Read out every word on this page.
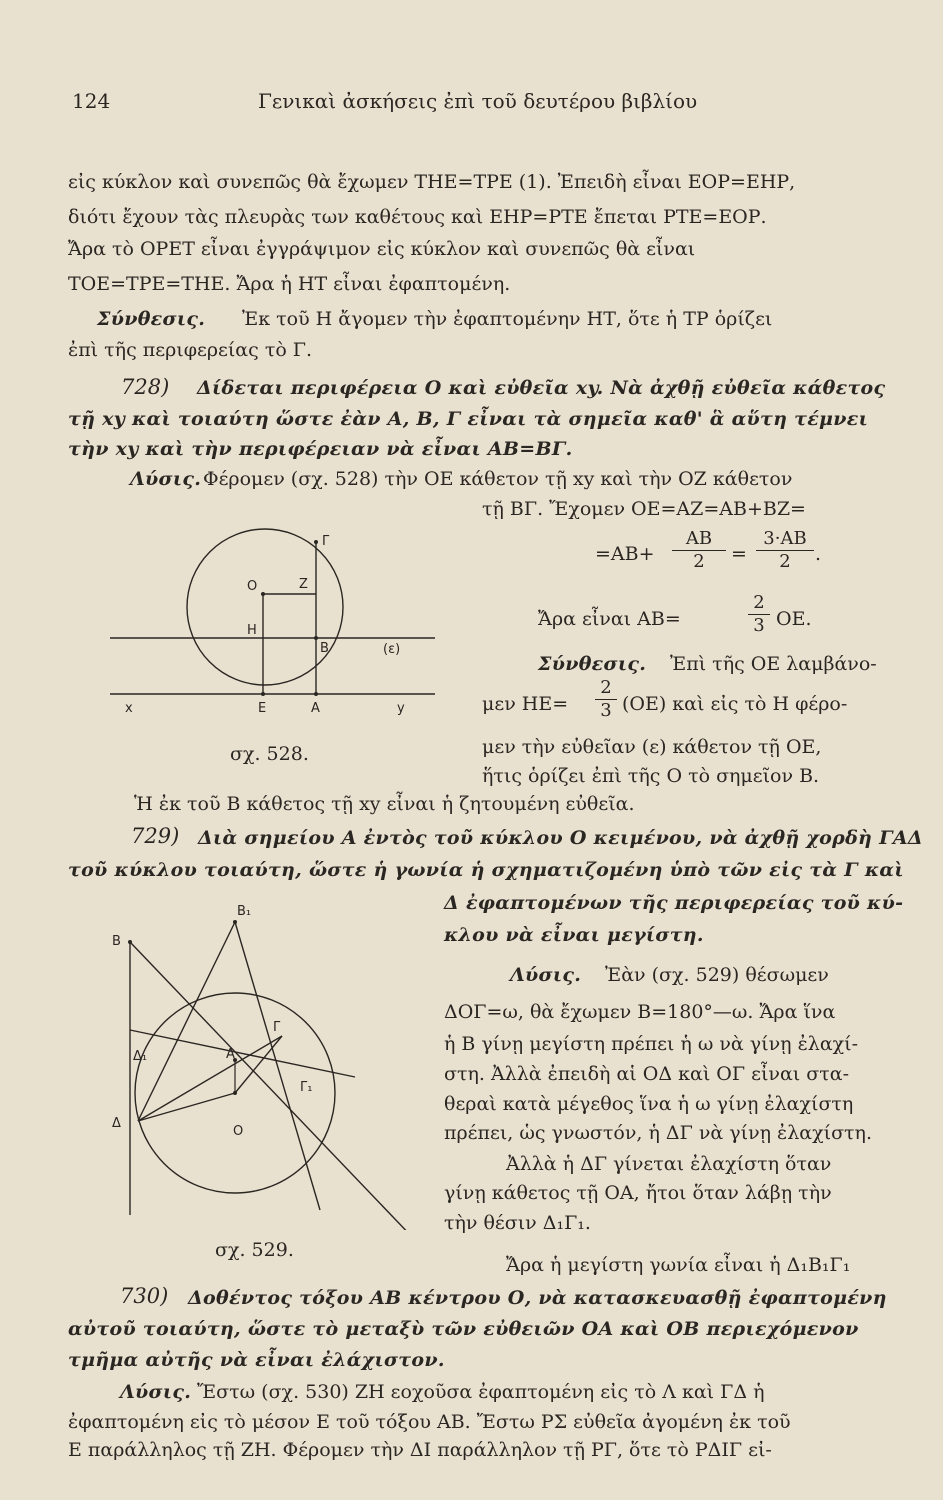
124	Γενικαὶ ἀσκήσεις ἐπὶ τοῦ δευτέρου βιβλίου
εἰς κύκλον καὶ συνεπῶς θὰ ἔχωμεν ΤΗΕ=ΤΡΕ (1). Ἐπειδὴ εἶναι ΕΟΡ=ΕΗΡ,
διότι ἔχουν τὰς πλευρὰς των καθέτους καὶ ΕΗΡ=ΡΤΕ ἔπεται ΡΤΕ=ΕΟΡ.
Ἄρα τὸ ΟΡΕΤ εἶναι ἐγγράψιμον εἰς κύκλον καὶ συνεπῶς θὰ εἶναι
ΤΟΕ=ΤΡΕ=ΤΗΕ. Ἄρα ἡ ΗΤ εἶναι ἐφαπτομένη.
Σύνθεσις. Ἐκ τοῦ Η ἄγομεν τὴν ἐφαπτομένην ΗΤ, ὅτε ἡ ΤΡ ὁρίζει
ἐπὶ τῆς περιφερείας τὸ Γ.
728) Δίδεται περιφέρεια Ο καὶ εὐθεῖα xy. Νὰ ἀχθῇ εὐθεῖα κάθετος
τῇ xy καὶ τοιαύτη ὥστε ἐὰν Α, Β, Γ εἶναι τὰ σημεῖα καθ' ἃ αὕτη τέμνει
τὴν xy καὶ τὴν περιφέρειαν νὰ εἶναι ΑΒ=ΒΓ.
Λύσις. Φέρομεν (σχ. 528) τὴν ΟΕ κάθετον τῇ xy καὶ τὴν ΟΖ κάθετον
τῇ ΒΓ. Ἔχομεν ΟΕ=ΑΖ=ΑΒ+ΒΖ=
$=AB+ \frac{AB}{2} = \frac{3\cdot AB}{2}$ .
Ἄρα εἶναι ΑΒ=	$\frac{2}{3} OE$.
Σύνθεσις. Ἐπὶ τῆς ΟΕ λαμβάνο-
μεν $HE= \frac{2}{3} (OE)$ καὶ εἰς τὸ Η φέρο-
μεν τὴν εὐθεῖαν (ε) κάθετον τῇ ΟΕ,
ἥτις ὁρίζει ἐπὶ τῆς Ο τὸ σημεῖον Β.
Ἡ ἐκ τοῦ Β κάθετος τῇ xy εἶναι ἡ ζητουμένη εὐθεῖα.
Γ
Ο	Ζ
Η
Β	(ε)
x	Ε	Α	y
σχ. 528.
729) Διὰ σημείου Α ἐντὸς τοῦ κύκλου Ο κειμένου, νὰ ἀχθῇ χορδὴ ΓΑΔ
τοῦ κύκλου τοιαύτη, ὥστε ἡ γωνία ἡ σχηματιζομένη ὑπὸ τῶν εἰς τὰ Γ καὶ
Δ ἐφαπτομένων τῆς περιφερείας τοῦ κύ-
κλου νὰ εἶναι μεγίστη.
Λύσις. Ἐὰν (σχ. 529) θέσωμεν
ΔΟΓ=ω, θὰ ἔχωμεν Β=180°—ω. Ἄρα ἵνα
ἡ Β γίνῃ μεγίστη πρέπει ἡ ω νὰ γίνῃ ἐλαχί-
στη. Ἀλλὰ ἐπειδὴ αἱ ΟΔ καὶ ΟΓ εἶναι στα-
θεραὶ κατὰ μέγεθος ἵνα ἡ ω γίνῃ ἐλαχίστη
πρέπει, ὡς γνωστόν, ἡ ΔΓ νὰ γίνῃ ἐλαχίστη.
Ἀλλὰ ἡ ΔΓ γίνεται ἐλαχίστη ὅταν
γίνῃ κάθετος τῇ ΟΑ, ἤτοι ὅταν λάβῃ τὴν
τὴν θέσιν Δ₁Γ₁.
Ἄρα ἡ μεγίστη γωνία εἶναι ἡ Δ₁Β₁Γ₁
Β₁
Β
Δ₁	Α
Γ
Γ₁
Δ
Ο
σχ. 529.
730) Δοθέντος τόξου ΑΒ κέντρου Ο, νὰ κατασκευασθῇ ἐφαπτομένη
αὐτοῦ τοιαύτη, ὥστε τὸ μεταξὺ τῶν εὐθειῶν ΟΑ καὶ ΟΒ περιεχόμενον
τμῆμα αὐτῆς νὰ εἶναι ἐλάχιστον.
Λύσις. Ἔστω (σχ. 530) ΖΗ εοχοῦσα ἐφαπτομένη εἰς τὸ Λ καὶ ΓΔ ἡ
ἐφαπτομένη εἰς τὸ μέσον Ε τοῦ τόξου ΑΒ. Ἔστω ΡΣ εὐθεῖα ἀγομένη ἐκ τοῦ
Ε παράλληλος τῇ ΖΗ. Φέρομεν τὴν ΔΙ παράλληλον τῇ ΡΓ, ὅτε τὸ ΡΔΙΓ εἰ-
